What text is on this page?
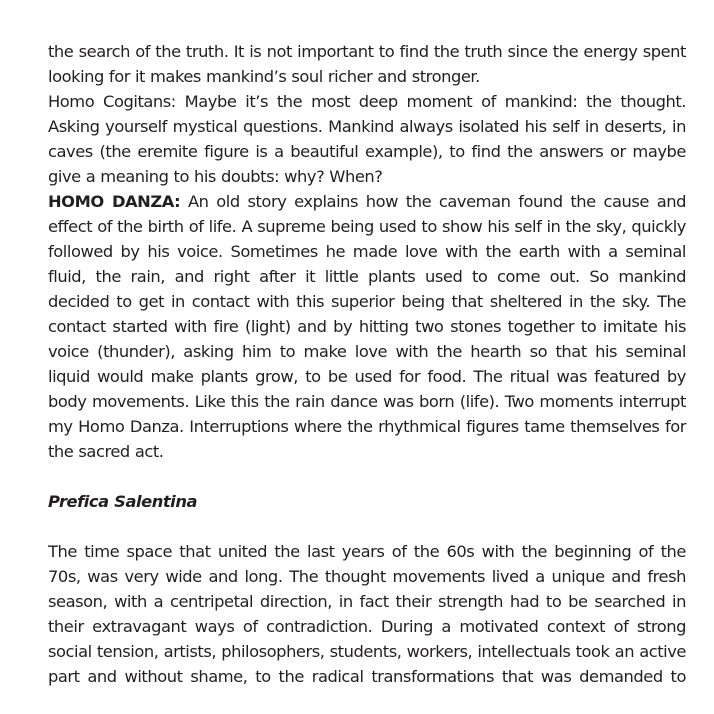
the search of the truth. It is not important to find the truth since the energy spent looking for it makes mankind’s soul richer and stronger.

Homo Cogitans: Maybe it’s the most deep moment of mankind: the thought. Asking yourself mystical questions. Mankind always isolated his self in deserts, in caves (the eremite figure is a beautiful example), to find the answers or maybe give a meaning to his doubts: why? When?

HOMO DANZA: An old story explains how the caveman found the cause and effect of the birth of life. A supreme being used to show his self in the sky, quickly followed by his voice. Sometimes he made love with the earth with a seminal fluid, the rain, and right after it little plants used to come out. So mankind decided to get in contact with this superior being that sheltered in the sky. The contact started with fire (light) and by hitting two stones together to imitate his voice (thunder), asking him to make love with the hearth so that his seminal liquid would make plants grow, to be used for food. The ritual was featured by body movements. Like this the rain dance was born (life). Two moments interrupt my Homo Danza. Interruptions where the rhythmical figures tame themselves for the sacred act.

Prefica Salentina

The time space that united the last years of the 60s with the beginning of the 70s, was very wide and long. The thought movements lived a unique and fresh season, with a centripetal direction, in fact their strength had to be searched in their extravagant ways of contradiction. During a motivated context of strong social tension, artists, philosophers, students, workers, intellectuals took an active part and without shame, to the radical transformations that was demanded to
